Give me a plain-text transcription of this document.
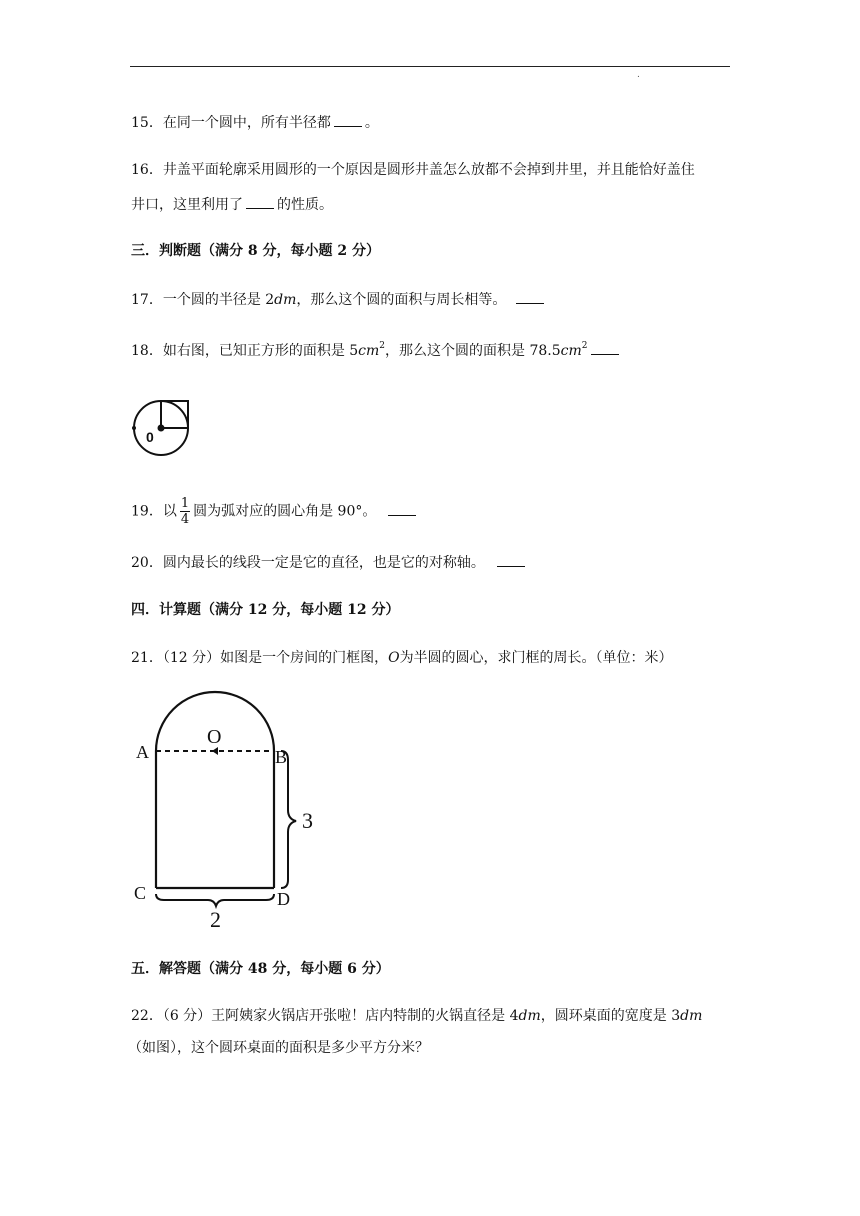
.
15．在同一个圆中，所有半径都 。
16．井盖平面轮廓采用圆形的一个原因是圆形井盖怎么放都不会掉到井里，并且能恰好盖住
井口，这里利用了 的性质。
三．判断题（满分 8 分，每小题 2 分）
17．一个圆的半径是 2dm，那么这个圆的面积与周长相等。
18．如右图，已知正方形的面积是 $5cm^2$，那么这个圆的面积是 $78.5cm^2$
0
19．以 $\frac{1}{4}$ 圆为弧对应的圆心角是 90°。
20．圆内最长的线段一定是它的直径，也是它的对称轴。
四．计算题（满分 12 分，每小题 12 分）
21．（12 分）如图是一个房间的门框图，O为半圆的圆心，求门框的周长。（单位：米）
O
A	B
C	D
3
2
五．解答题（满分 48 分，每小题 6 分）
22．（6 分）王阿姨家火锅店开张啦！店内特制的火锅直径是 4dm，圆环桌面的宽度是 3dm
（如图），这个圆环桌面的面积是多少平方分米？
